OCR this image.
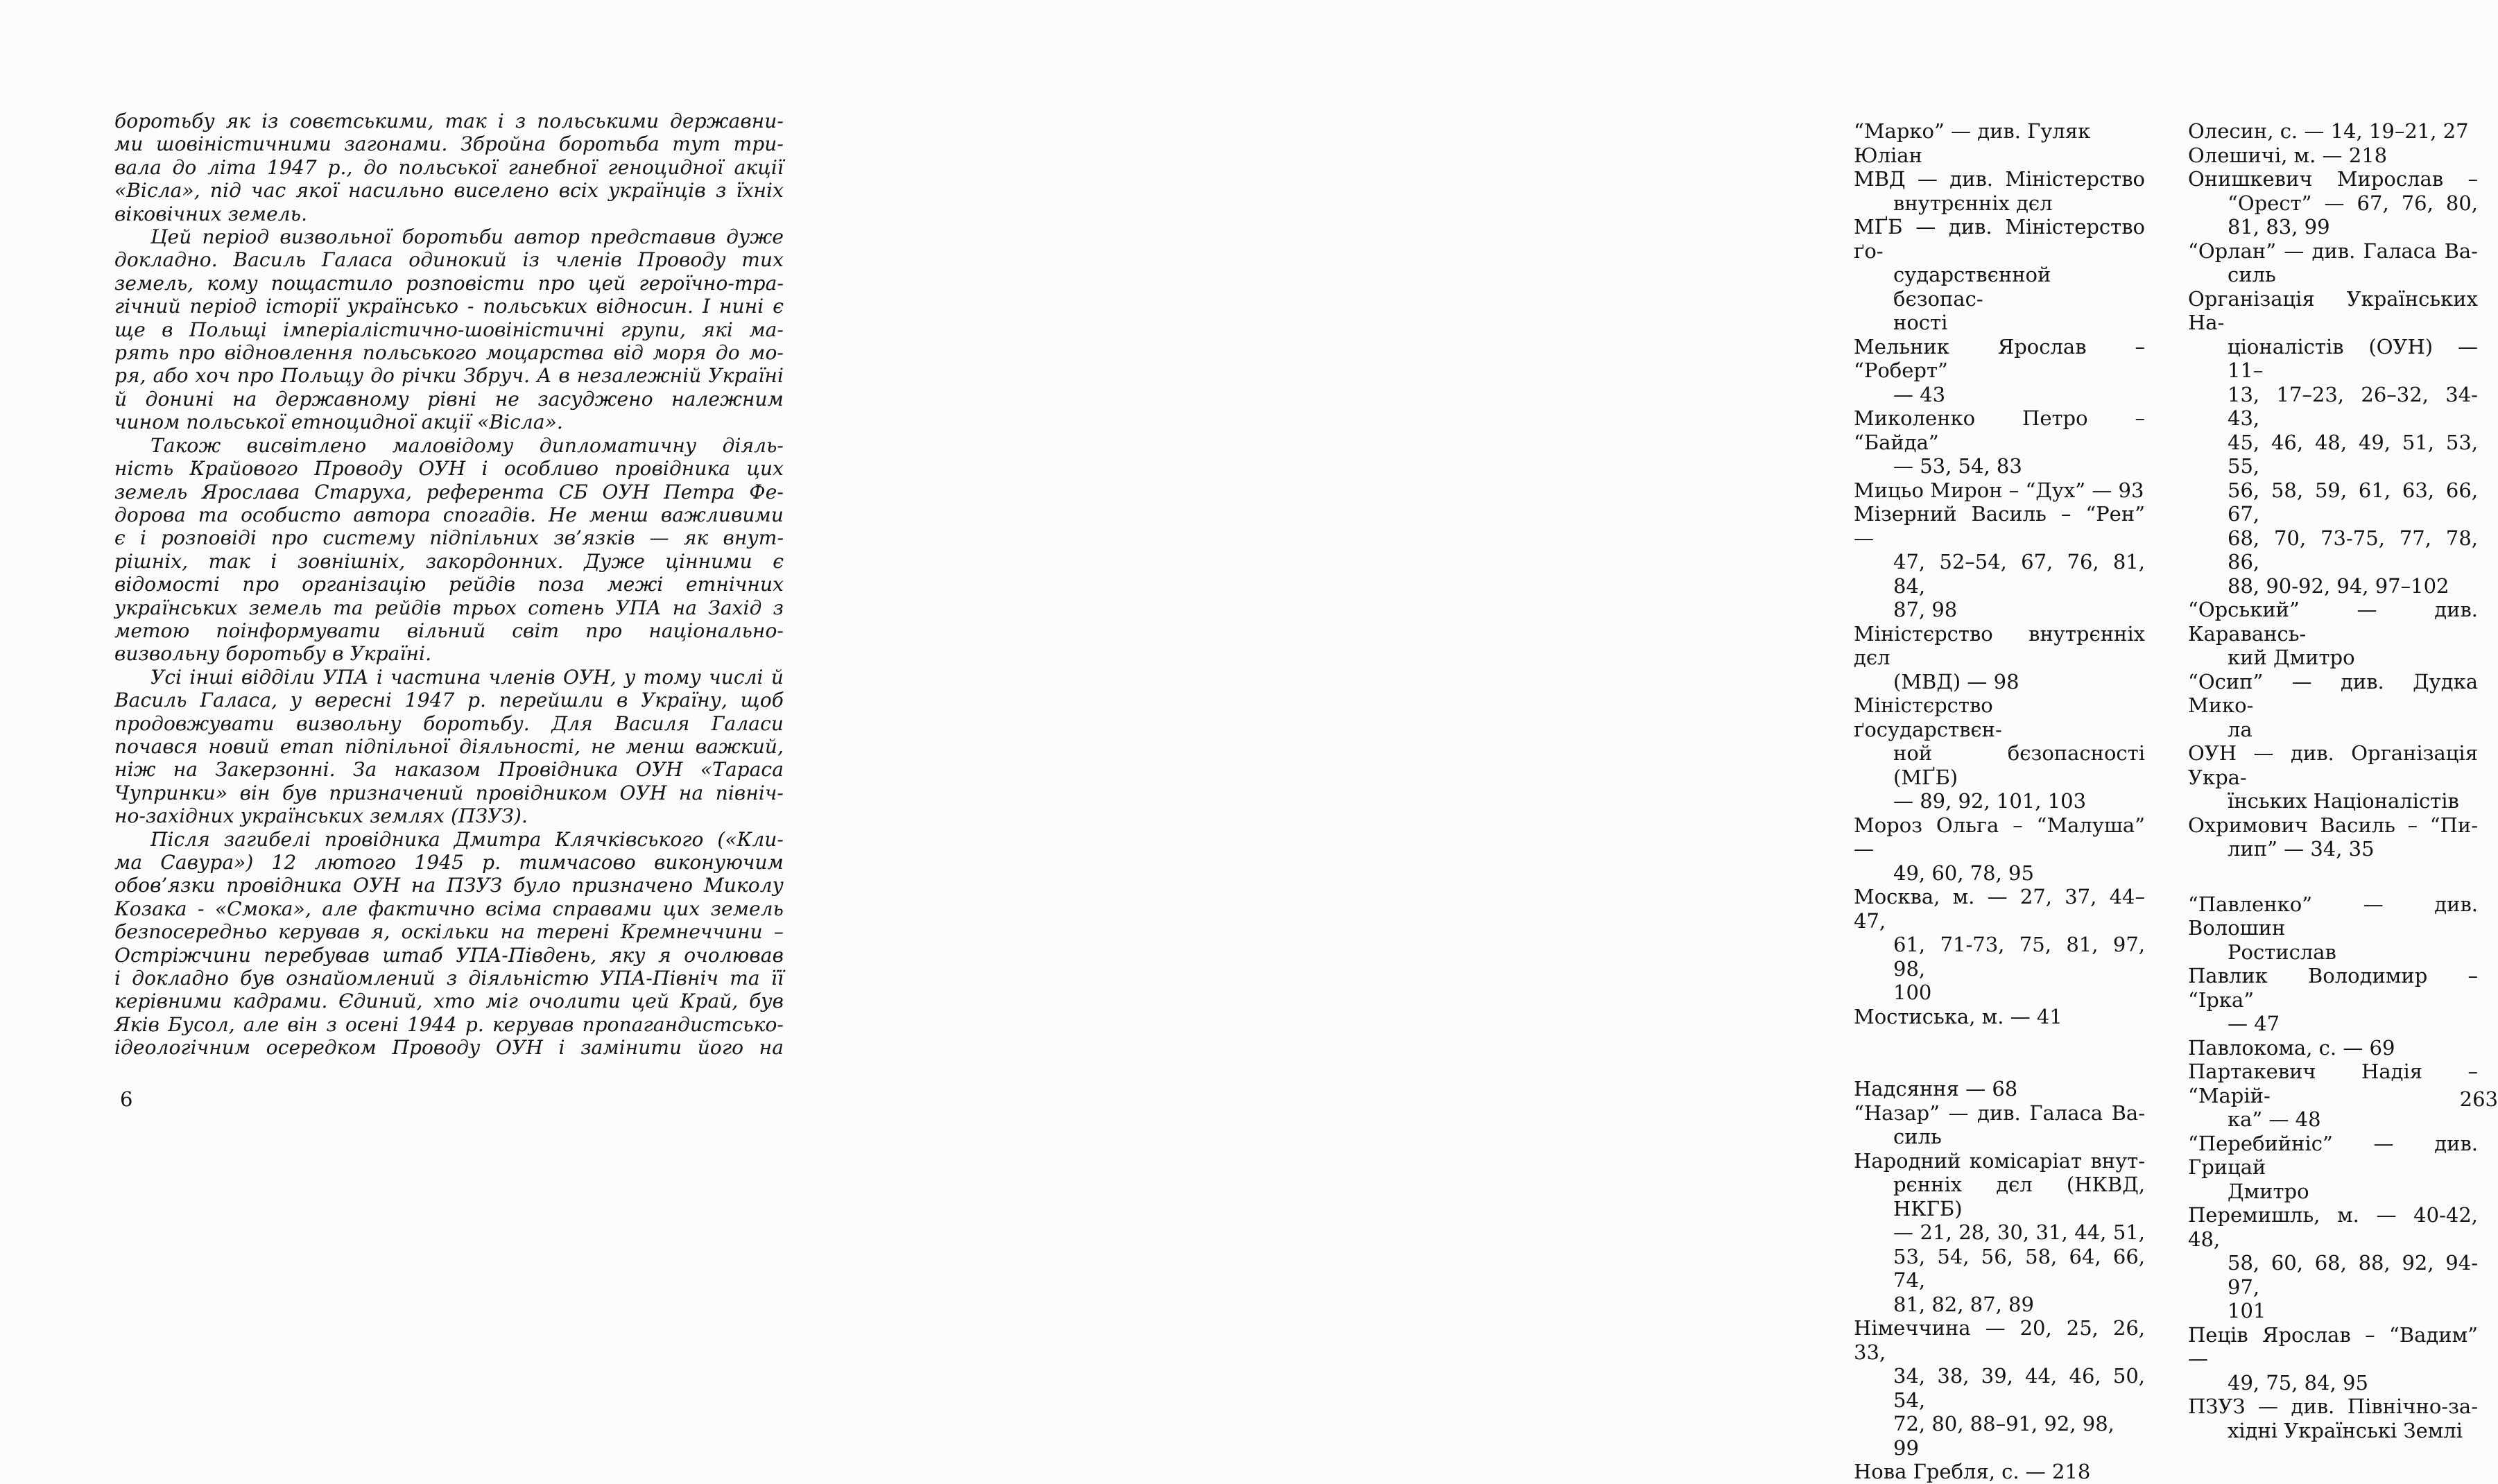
боротьбу як із совєтськими, так і з польськими державни-
ми шовіністичними загонами. Збройна боротьба тут три-
вала до літа 1947 р., до польської ганебної геноцидної акції
«Вісла», під час якої насильно виселено всіх українців з їхніх
віковічних земель.
Цей період визвольної боротьби автор представив дуже
докладно. Василь Галаса одинокий із членів Проводу тих
земель, кому пощастило розповісти про цей героїчно-тра-
гічний період історії українсько - польських відносин. І нині є
ще в Польщі імперіалістично-шовіністичні групи, які ма-
рять про відновлення польського моцарства від моря до мо-
ря, або хоч про Польщу до річки Збруч. А в незалежній Україні
й донині на державному рівні не засуджено належним
чином польської етноцидної акції «Вісла».
Також висвітлено маловідому дипломатичну діяль-
ність Крайового Проводу ОУН і особливо провідника цих
земель Ярослава Старуха, референта СБ ОУН Петра Фе-
дорова та особисто автора спогадів. Не менш важливими
є і розповіді про систему підпільних зв’язків — як внут-
рішніх, так і зовнішніх, закордонних. Дуже цінними є
відомості про організацію рейдів поза межі етнічних
українських земель та рейдів трьох сотень УПА на Захід з
метою поінформувати вільний світ про національно-
визвольну боротьбу в Україні.
Усі інші відділи УПА і частина членів ОУН, у тому числі й
Василь Галаса, у вересні 1947 р. перейшли в Україну, щоб
продовжувати визвольну боротьбу. Для Василя Галаси
почався новий етап підпільної діяльності, не менш важкий,
ніж на Закерзонні. За наказом Провідника ОУН «Тараса
Чупринки» він був призначений провідником ОУН на північ-
но-західних українських землях (ПЗУЗ).
Після загибелі провідника Дмитра Клячківського («Кли-
ма Савура») 12 лютого 1945 р. тимчасово виконуючим
обов’язки провідника ОУН на ПЗУЗ було призначено Миколу
Козака - «Смока», але фактично всіма справами цих земель
безпосередньо керував я, оскільки на терені Кремнеччини –
Остріжчини перебував штаб УПА-Південь, яку я очолював
і докладно був ознайомлений з діяльністю УПА-Північ та її
керівними кадрами. Єдиний, хто міг очолити цей Край, був
Яків Бусол, але він з осені 1944 р. керував пропагандистсько-
ідеологічним осередком Проводу ОУН і замінити його на
6
“Марко” — див. Гуляк Юліан
МВД — див. Міністерство
внутрєнніх дєл
МҐБ — див. Міністерство ґо-
сударствєнной бєзопас-
ності
Мельник Ярослав – “Роберт”
— 43
Миколенко Петро – “Байда”
— 53, 54, 83
Мицьо Мирон – “Дух” — 93
Мізерний Василь – “Рен” —
47, 52–54, 67, 76, 81, 84,
87, 98
Міністєрство внутрєнніх дєл
(МВД) — 98
Міністєрство ґосударствєн-
ной бєзопасності (МҐБ)
— 89, 92, 101, 103
Мороз Ольга – “Малуша” —
49, 60, 78, 95
Москва, м. — 27, 37, 44–47,
61, 71-73, 75, 81, 97, 98,
100
Мостиська, м. — 41
Надсяння — 68
“Назар” — див. Галаса Ва-
силь
Народний комісаріат внут-
рєнніх дєл (НКВД, НКГБ)
— 21, 28, 30, 31, 44, 51,
53, 54, 56, 58, 64, 66, 74,
81, 82, 87, 89
Німеччина — 20, 25, 26, 33,
34, 38, 39, 44, 46, 50, 54,
72, 80, 88–91, 92, 98, 99
Нова Гребля, с. — 218
Олесин, с. — 14, 19–21, 27
Олешичі, м. — 218
Онишкевич Мирослав –
“Орест” — 67, 76, 80,
81, 83, 99
“Орлан” — див. Галаса Ва-
силь
Організація Українських На-
ціоналістів (ОУН) — 11–
13, 17–23, 26–32, 34-43,
45, 46, 48, 49, 51, 53, 55,
56, 58, 59, 61, 63, 66, 67,
68, 70, 73-75, 77, 78, 86,
88, 90-92, 94, 97–102
“Орський” — див. Каравансь-
кий Дмитро
“Осип” — див. Дудка Мико-
ла
ОУН — див. Організація Укра-
їнських Націоналістів
Охримович Василь – “Пи-
лип” — 34, 35
“Павленко” — див. Волошин
Ростислав
Павлик Володимир – “Ірка”
— 47
Павлокома, с. — 69
Партакевич Надія – “Марій-
ка” — 48
“Перебийніс” — див. Грицай
Дмитро
Перемишль, м. — 40-42, 48,
58, 60, 68, 88, 92, 94-97,
101
Пеців Ярослав – “Вадим” —
49, 75, 84, 95
ПЗУЗ — див. Північно-за-
хідні Українські Землі
263
